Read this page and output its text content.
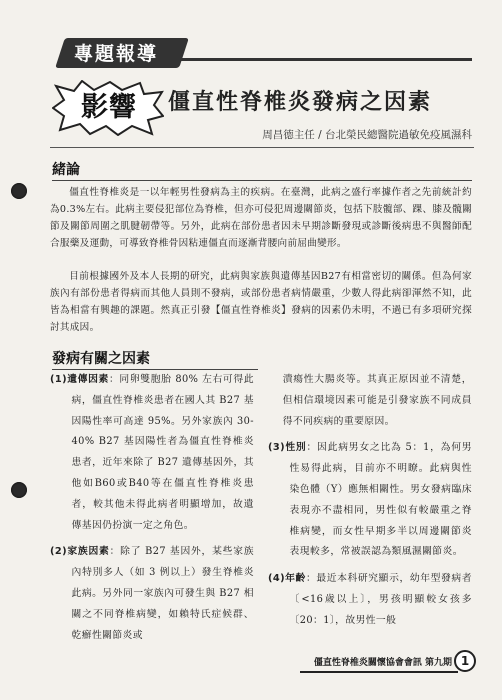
專題報導
影響	僵直性脊椎炎發病之因素
周昌德主任 / 台北榮民總醫院過敏免疫風濕科
緒論

僵直性脊椎炎是一以年輕男性發病為主的疾病。在臺灣，此病之盛行率據作者之先前統計約為0.3%左右。此病主要侵犯部位為脊椎，但亦可侵犯周邊關節炎，包括下肢髖部、踝、膝及髖關節及關節周圍之肌腱韌帶等。另外，此病在部份患者因未早期診斷發現或診斷後病患不與醫師配合服藥及運動，可導致脊椎骨因粘連僵直而逐漸背腰向前屈曲變形。

目前根據國外及本人長期的研究，此病與家族與遺傳基因B27有相當密切的關係。但為何家族內有部份患者得病而其他人員則不發病，或部份患者病情嚴重，少數人得此病卻渾然不知，此皆為相當有興趣的課題。然真正引發【僵直性脊椎炎】發病的因素仍未明，不過已有多項研究探討其成因。

發病有關之因素

(1)遺傳因素：同卵雙胞胎 80% 左右可得此病，僵直性脊椎炎患者在國人其 B27 基因陽性率可高達 95%。另外家族內 30-40% B27 基因陽性者為僵直性脊椎炎患者，近年來除了 B27 遺傳基因外，其他如B60或B40等在僵直性脊椎炎患者，較其他未得此病者明顯增加，故遺傳基因仍扮演一定之角色。

(2)家族因素：除了 B27 基因外，某些家族內特別多人（如 3 例以上）發生脊椎炎此病。另外同一家族內可發生與 B27 相關之不同脊椎病變，如賴特氏症候群、乾癬性關節炎或

潰瘍性大腸炎等。其真正原因並不清楚，但相信環境因素可能是引發家族不同成員得不同疾病的重要原因。

(3)性別：因此病男女之比為 5：1，為何男性易得此病，目前亦不明瞭。此病與性染色體（Y）應無相關性。男女發病臨床表現亦不盡相同，男性似有較嚴重之脊椎病變，而女性早期多半以周邊關節炎表現較多，常被誤認為類風濕關節炎。

(4)年齡：最近本科研究顯示，幼年型發病者〔<16歲以上〕，男孩明顯較女孩多〔20：1〕，故男性一般

僵直性脊椎炎關懷協會會訊 第九期 1
